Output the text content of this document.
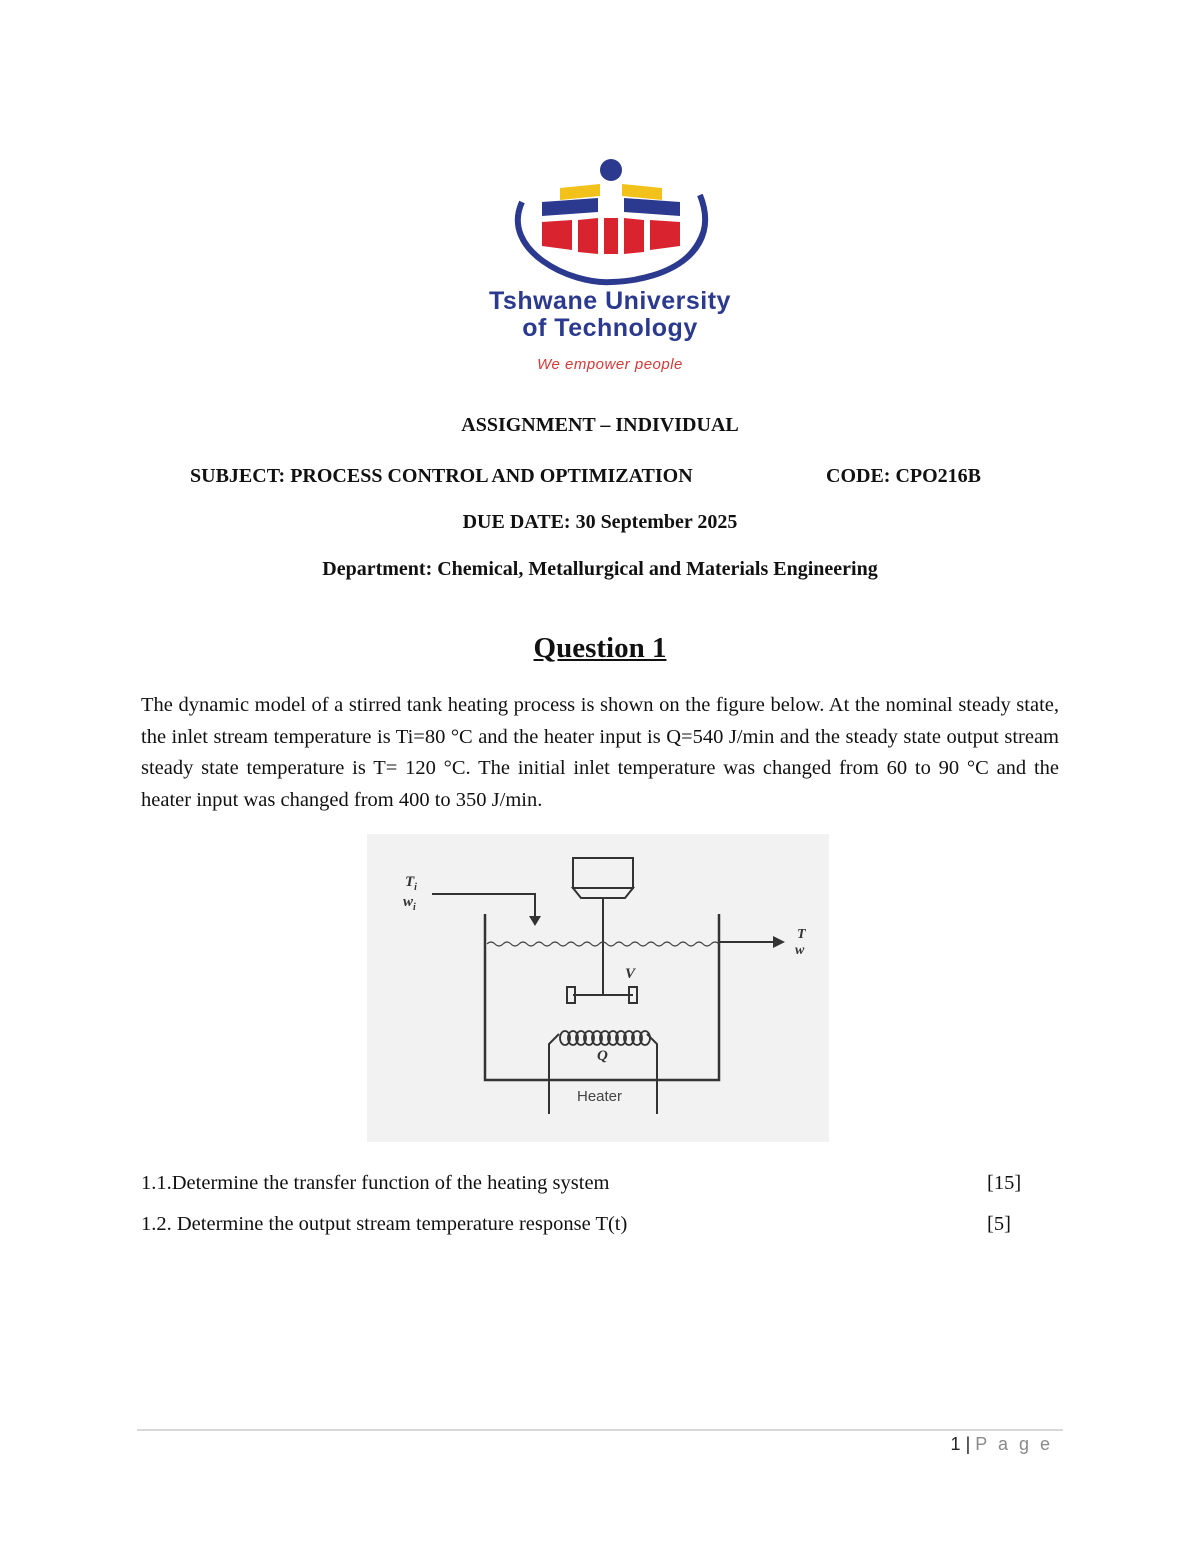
Tshwane University
of Technology
We empower people
ASSIGNMENT – INDIVIDUAL
SUBJECT: PROCESS CONTROL AND OPTIMIZATION	CODE: CPO216B
DUE DATE: 30 September 2025
Department: Chemical, Metallurgical and Materials Engineering
Question 1
The dynamic model of a stirred tank heating process is shown on the figure below. At the nominal steady state, the inlet stream temperature is Ti=80 °C and the heater input is Q=540 J/min and the steady state output stream steady state temperature is T= 120 °C. The initial inlet temperature was changed from 60 to 90 °C and the heater input was changed from 400 to 350 J/min.
$T_i$
$w_i$
V
T
w
Q
Heater
1.1.Determine the transfer function of the heating system	[15]
1.2. Determine the output stream temperature response T(t)	[5]
1 | P a g e
